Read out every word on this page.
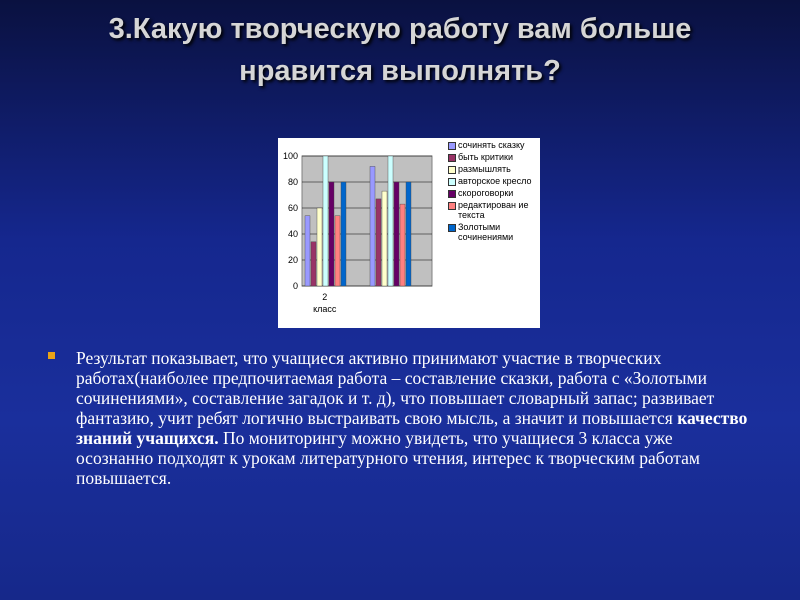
3.Какую творческую работу вам больше
нравится выполнять?
0
20
40
60
80
100
2
класс
сочинять сказку
быть критики
размышлять
авторское кресло
скороговорки
редактирован ие текста
Золотыми сочинениями
Результат показывает, что учащиеся активно принимают участие в творческих работах(наиболее предпочитаемая работа – составление сказки, работа с «Золотыми сочинениями», составление загадок и т. д), что повышает словарный запас; развивает фантазию, учит ребят логично выстраивать свою мысль, а значит и повышается качество знаний учащихся. По мониторингу можно увидеть, что учащиеся 3 класса уже осознанно подходят к урокам литературного чтения, интерес к творческим работам повышается.
